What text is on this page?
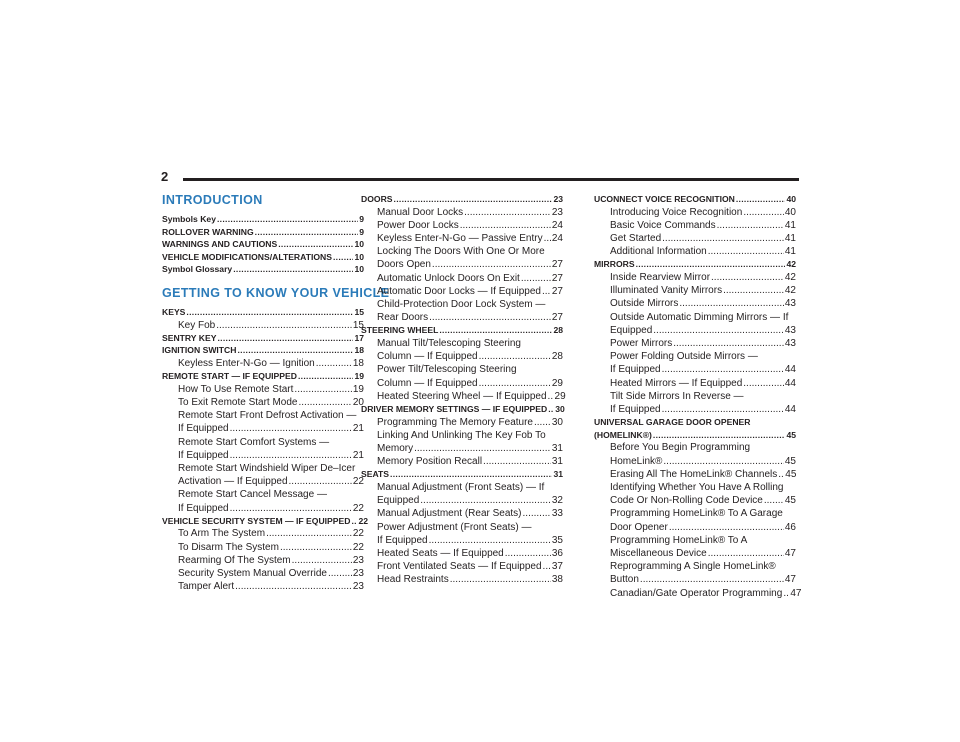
2
INTRODUCTION
Symbols Key .....	9
ROLLOVER WARNING .....	9
WARNINGS AND CAUTIONS .....	10
VEHICLE MODIFICATIONS/ALTERATIONS .....	10
Symbol Glossary .....	10
GETTING TO KNOW YOUR VEHICLE
KEYS .....	15
Key Fob .....	15
SENTRY KEY .....	17
IGNITION SWITCH .....	18
Keyless Enter-N-Go — Ignition .....	18
REMOTE START — IF EQUIPPED .....	19
How To Use Remote Start .....	19
To Exit Remote Start Mode .....	20
Remote Start Front Defrost Activation —
If Equipped .....	21
Remote Start Comfort Systems —
If Equipped .....	21
Remote Start Windshield Wiper De–Icer
Activation — If Equipped .....	22
Remote Start Cancel Message —
If Equipped .....	22
VEHICLE SECURITY SYSTEM — IF EQUIPPED ..... 22
To Arm The System .....	22
To Disarm The System .....	22
Rearming Of The System .....	23
Security System Manual Override .....	23
Tamper Alert .....	23
DOORS .....	23
Manual Door Locks .....	23
Power Door Locks .....	24
Keyless Enter-N-Go — Passive Entry ..... 24
Locking The Doors With One Or More
Doors Open .....	27
Automatic Unlock Doors On Exit .....	27
Automatic Door Locks — If Equipped ..... 27
Child-Protection Door Lock System —
Rear Doors .....	27
STEERING WHEEL .....	28
Manual Tilt/Telescoping Steering
Column — If Equipped .....	28
Power Tilt/Telescoping Steering
Column — If Equipped .....	29
Heated Steering Wheel — If Equipped ..... 29
DRIVER MEMORY SETTINGS — IF EQUIPPED ..... 30
Programming The Memory Feature ..... 30
Linking And Unlinking The Key Fob To
Memory .....	31
Memory Position Recall .....	31
SEATS .....	31
Manual Adjustment (Front Seats) — If
Equipped .....	32
Manual Adjustment (Rear Seats) .....	33
Power Adjustment (Front Seats) —
If Equipped .....	35
Heated Seats — If Equipped .....	36
Front Ventilated Seats — If Equipped ..... 37
Head Restraints .....	38
UCONNECT VOICE RECOGNITION .....	40
Introducing Voice Recognition .....	40
Basic Voice Commands .....	41
Get Started .....	41
Additional Information .....	41
MIRRORS .....	42
Inside Rearview Mirror .....	42
Illuminated Vanity Mirrors .....	42
Outside Mirrors .....	43
Outside Automatic Dimming Mirrors — If
Equipped .....	43
Power Mirrors .....	43
Power Folding Outside Mirrors —
If Equipped .....	44
Heated Mirrors — If Equipped .....	44
Tilt Side Mirrors In Reverse —
If Equipped .....	44
UNIVERSAL GARAGE DOOR OPENER
(HOMELINK®) .....	45
Before You Begin Programming
HomeLink® .....	45
Erasing All The HomeLink® Channels ..... 45
Identifying Whether You Have A Rolling
Code Or Non-Rolling Code Device ..... 45
Programming HomeLink® To A Garage
Door Opener .....	46
Programming HomeLink® To A
Miscellaneous Device .....	47
Reprogramming A Single HomeLink®
Button .....	47
Canadian/Gate Operator Programming ..... 47
